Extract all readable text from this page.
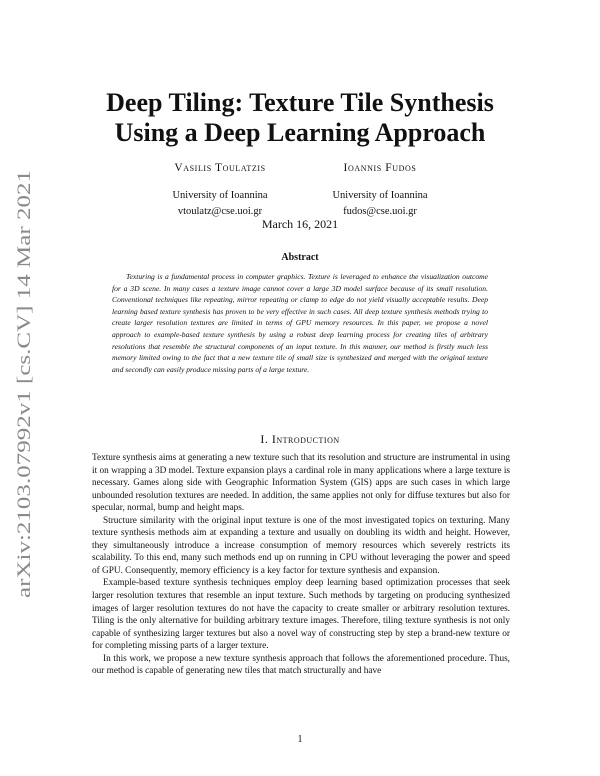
arXiv:2103.07992v1 [cs.CV] 14 Mar 2021
Deep Tiling: Texture Tile Synthesis
Using a Deep Learning Approach
Vasilis Toulatzis
University of Ioannina
vtoulatz@cse.uoi.gr
Ioannis Fudos
University of Ioannina
fudos@cse.uoi.gr
March 16, 2021
Abstract
Texturing is a fundamental process in computer graphics. Texture is leveraged to enhance the visualization outcome for a 3D scene. In many cases a texture image cannot cover a large 3D model surface because of its small resolution. Conventional techniques like repeating, mirror repeating or clamp to edge do not yield visually acceptable results. Deep learning based texture synthesis has proven to be very effective in such cases. All deep texture synthesis methods trying to create larger resolution textures are limited in terms of GPU memory resources. In this paper, we propose a novel approach to example-based texture synthesis by using a robust deep learning process for creating tiles of arbitrary resolutions that resemble the structural components of an input texture. In this manner, our method is firstly much less memory limited owing to the fact that a new texture tile of small size is synthesized and merged with the original texture and secondly can easily produce missing parts of a large texture.
I. Introduction

Texture synthesis aims at generating a new texture such that its resolution and structure are instrumental in using it on wrapping a 3D model. Texture expansion plays a cardinal role in many applications where a large texture is necessary. Games along side with Geographic Information System (GIS) apps are such cases in which large unbounded resolution textures are needed. In addition, the same applies not only for diffuse textures but also for specular, normal, bump and height maps.

Structure similarity with the original input texture is one of the most investigated topics on texturing. Many texture synthesis methods aim at expanding a texture and usually on doubling its width and height. However, they simultaneously introduce a increase consumption of memory resources which severely restricts its scalability. To this end, many such methods end up on running in CPU without leveraging the power and speed of GPU. Consequently, memory efficiency is a key factor for texture synthesis and expansion.

Example-based texture synthesis techniques employ deep learning based optimization processes that seek larger resolution textures that resemble an input texture. Such methods by targeting on producing synthesized images of larger resolution textures do not have the capacity to create smaller or arbitrary resolution textures. Tiling is the only alternative for building arbitrary texture images. Therefore, tiling texture synthesis is not only capable of synthesizing larger textures but also a novel way of constructing step by step a brand-new texture or for completing missing parts of a larger texture.

In this work, we propose a new texture synthesis approach that follows the aforementioned procedure. Thus, our method is capable of generating new tiles that match structurally and have

1
